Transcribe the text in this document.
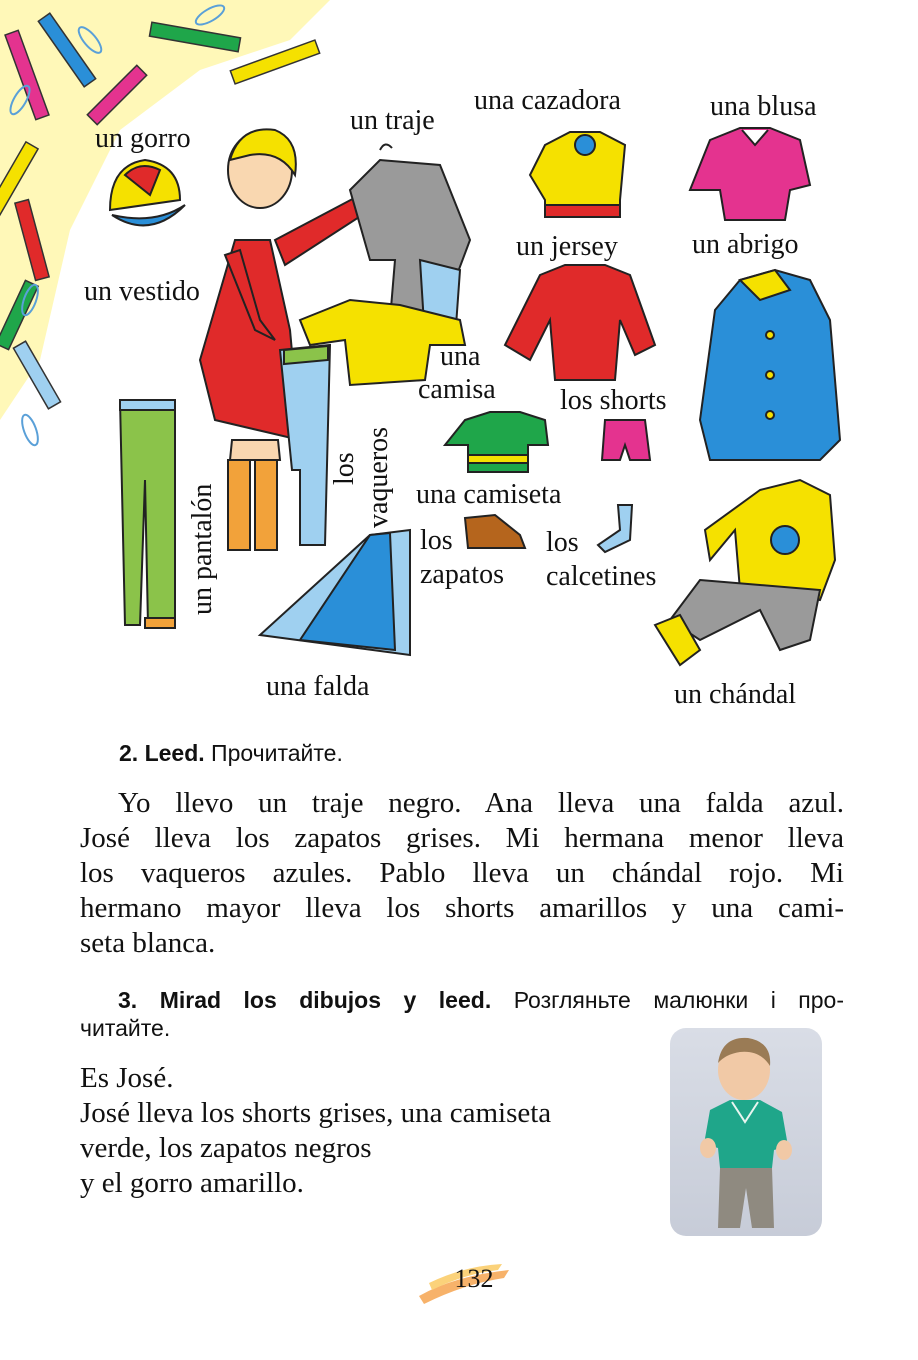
un gorro
un traje
una cazadora	una blusa
un vestido
un jersey	un abrigo
una
camisa los shorts
los vaqueros
un pantalón	una camiseta
los
zapatos
los
calcetines
una falda	un chándal
2. Leed. Прочитайте.

Yo llevo un traje negro. Ana lleva una falda azul.

José lleva los zapatos grises. Mi hermana menor lleva

los vaqueros azules. Pablo lleva un chándal rojo. Mi

hermano mayor lleva los shorts amarillos y una cami-

seta blanca.

3. Mirad los dibujos y leed. Розгляньте малюнки і про-
читайте.

Es José.

José lleva los shorts grises, una camiseta

verde, los zapatos negros

y el gorro amarillo.

132
